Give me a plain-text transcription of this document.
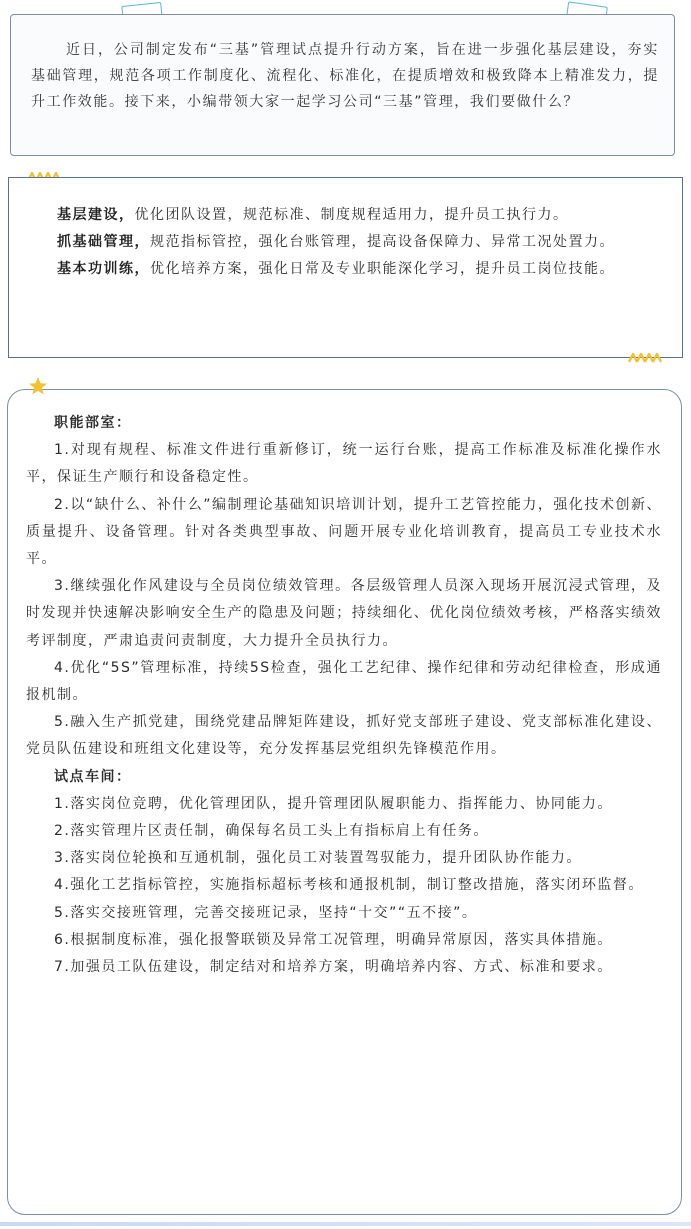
近日，公司制定发布“三基”管理试点提升行动方案，旨在进一步强化基层建设，夯实基础管理，规范各项工作制度化、流程化、标准化，在提质增效和极致降本上精准发力，提升工作效能。接下来，小编带领大家一起学习公司“三基”管理，我们要做什么？

基层建设，优化团队设置，规范标准、制度规程适用力，提升员工执行力。

抓基础管理，规范指标管控，强化台账管理，提高设备保障力、异常工况处置力。

基本功训练，优化培养方案，强化日常及专业职能深化学习，提升员工岗位技能。

职能部室：

1.对现有规程、标准文件进行重新修订，统一运行台账，提高工作标准及标准化操作水平，保证生产顺行和设备稳定性。

2.以“缺什么、补什么”编制理论基础知识培训计划，提升工艺管控能力，强化技术创新、质量提升、设备管理。针对各类典型事故、问题开展专业化培训教育，提高员工专业技术水平。

3.继续强化作风建设与全员岗位绩效管理。各层级管理人员深入现场开展沉浸式管理，及时发现并快速解决影响安全生产的隐患及问题；持续细化、优化岗位绩效考核，严格落实绩效考评制度，严肃追责问责制度，大力提升全员执行力。

4.优化“5S”管理标准，持续5S检查，强化工艺纪律、操作纪律和劳动纪律检查，形成通报机制。

5.融入生产抓党建，围绕党建品牌矩阵建设，抓好党支部班子建设、党支部标准化建设、党员队伍建设和班组文化建设等，充分发挥基层党组织先锋模范作用。

试点车间：

1.落实岗位竞聘，优化管理团队，提升管理团队履职能力、指挥能力、协同能力。

2.落实管理片区责任制，确保每名员工头上有指标肩上有任务。

3.落实岗位轮换和互通机制，强化员工对装置驾驭能力，提升团队协作能力。

4.强化工艺指标管控，实施指标超标考核和通报机制，制订整改措施，落实闭环监督。

5.落实交接班管理，完善交接班记录，坚持“十交”“五不接”。

6.根据制度标准，强化报警联锁及异常工况管理，明确异常原因，落实具体措施。

7.加强员工队伍建设，制定结对和培养方案，明确培养内容、方式、标准和要求。
